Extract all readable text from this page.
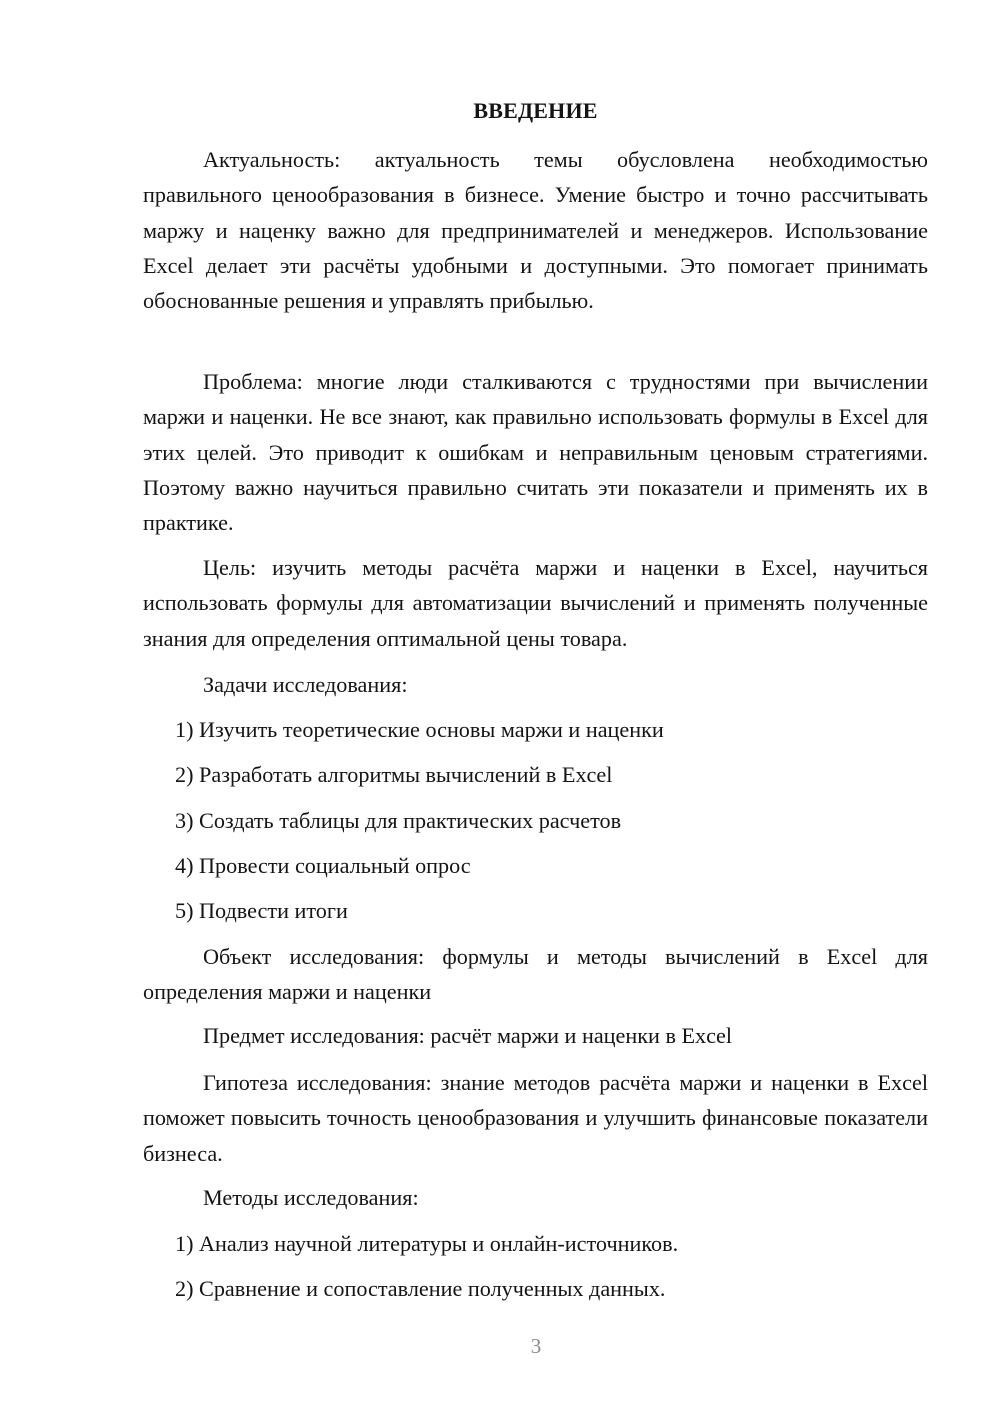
ВВЕДЕНИЕ

Актуальность: актуальность темы обусловлена необходимостью правильного ценообразования в бизнесе. Умение быстро и точно рассчитывать маржу и наценку важно для предпринимателей и менеджеров. Использование Excel делает эти расчёты удобными и доступными. Это помогает принимать обоснованные решения и управлять прибылью.

Проблема: многие люди сталкиваются с трудностями при вычислении маржи и наценки. Не все знают, как правильно использовать формулы в Excel для этих целей. Это приводит к ошибкам и неправильным ценовым стратегиями. Поэтому важно научиться правильно считать эти показатели и применять их в практике.

Цель: изучить методы расчёта маржи и наценки в Excel, научиться использовать формулы для автоматизации вычислений и применять полученные знания для определения оптимальной цены товара.

Задачи исследования:

1) Изучить теоретические основы маржи и наценки

2) Разработать алгоритмы вычислений в Excel

3) Создать таблицы для практических расчетов

4) Провести социальный опрос

5) Подвести итоги

Объект исследования: формулы и методы вычислений в Excel для определения маржи и наценки

Предмет исследования: расчёт маржи и наценки в Excel

Гипотеза исследования: знание методов расчёта маржи и наценки в Excel поможет повысить точность ценообразования и улучшить финансовые показатели бизнеса.

Методы исследования:

1) Анализ научной литературы и онлайн-источников.

2) Сравнение и сопоставление полученных данных.

3
